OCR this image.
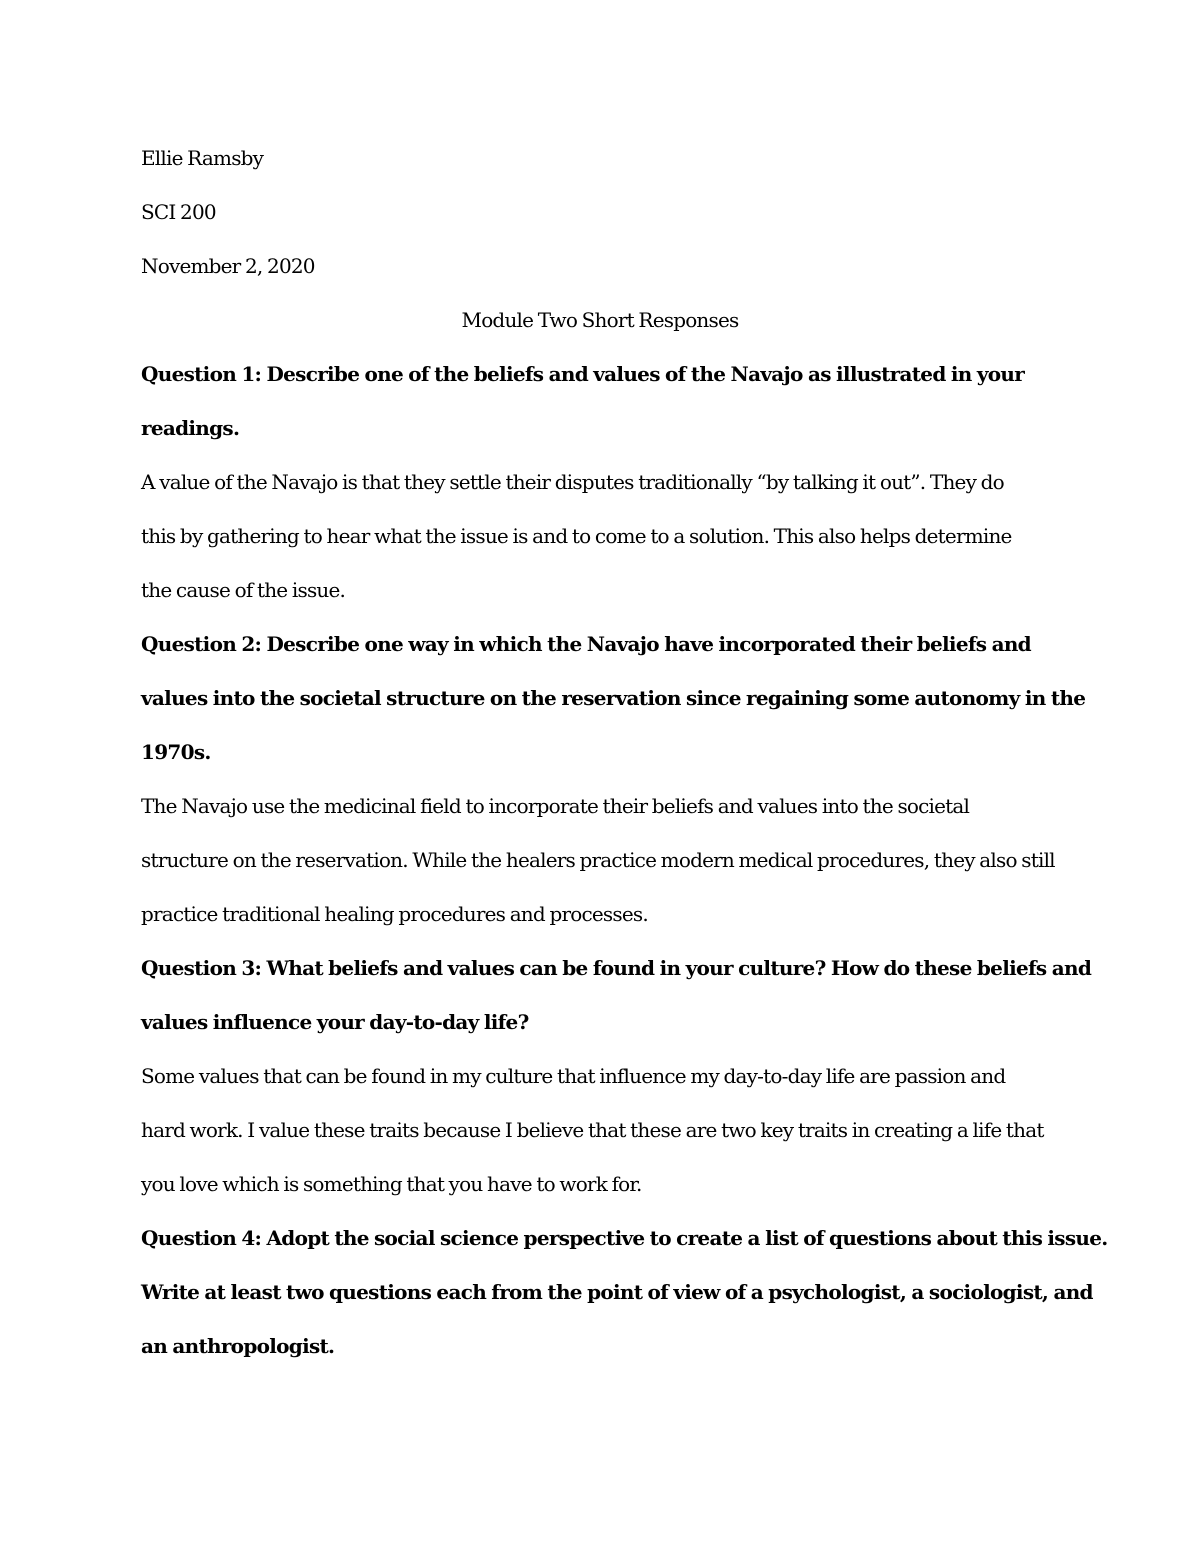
Ellie Ramsby

SCI 200

November 2, 2020

Module Two Short Responses

Question 1: Describe one of the beliefs and values of the Navajo as illustrated in your

readings.

A value of the Navajo is that they settle their disputes traditionally “by talking it out”. They do

this by gathering to hear what the issue is and to come to a solution. This also helps determine

the cause of the issue.

Question 2: Describe one way in which the Navajo have incorporated their beliefs and

values into the societal structure on the reservation since regaining some autonomy in the

1970s.

The Navajo use the medicinal field to incorporate their beliefs and values into the societal

structure on the reservation. While the healers practice modern medical procedures, they also still

practice traditional healing procedures and processes.

Question 3: What beliefs and values can be found in your culture? How do these beliefs and

values influence your day-to-day life?

Some values that can be found in my culture that influence my day-to-day life are passion and

hard work. I value these traits because I believe that these are two key traits in creating a life that

you love which is something that you have to work for.

Question 4: Adopt the social science perspective to create a list of questions about this issue.

Write at least two questions each from the point of view of a psychologist, a sociologist, and

an anthropologist.
